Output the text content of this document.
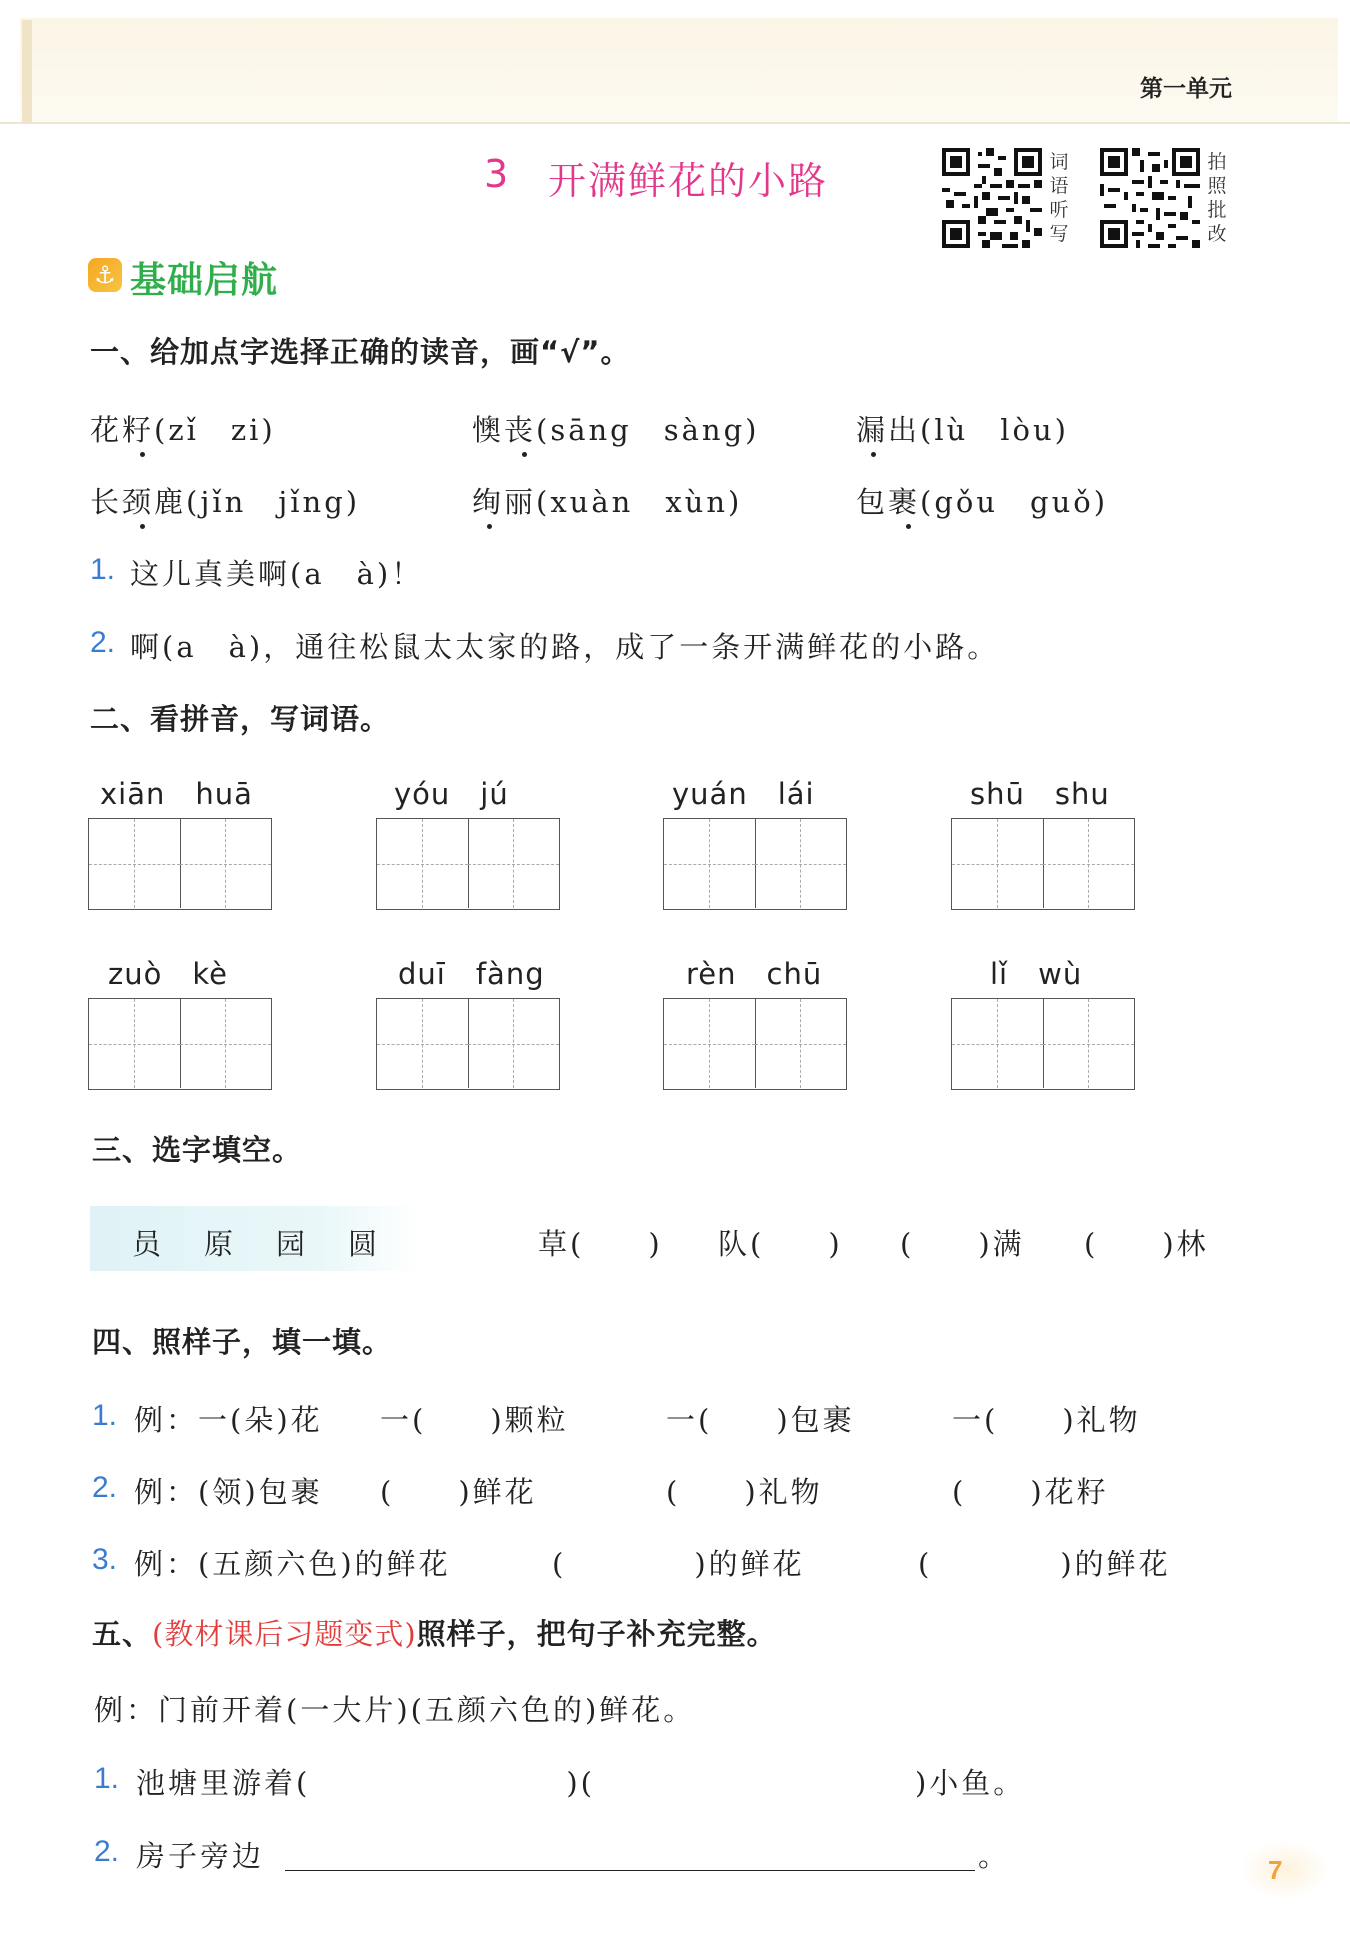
第一单元
3 开满鲜花的小路	词语听写
拍照批改
⚓ 基础启航
一、给加点字选择正确的读音，画“√”。
花籽(zǐ　zi)	懊丧(sāng　sàng)	漏出(lù　lòu)
长颈鹿(jǐn　jǐng)	绚丽(xuàn　xùn)	包裹(gǒu　guǒ)
1. 这儿真美啊(a　à)！
2. 啊(a　à)，通往松鼠太太家的路，成了一条开满鲜花的小路。
二、看拼音，写词语。
xiān　huā	yóu　jú	yuán　lái	shū　shu
zuò　kè	duī　fàng	rèn　chū	lǐ　wù
三、选字填空。
员 原 园 圆	草(　　) 队(　　) (　　)满 (　　)林
四、照样子，填一填。
1. 例：一(朵)花 一(　　)颗粒	一(　　)包裹	一(　　)礼物
2. 例：(领)包裹 (　　)鲜花	(　　)礼物	(　　)花籽
3. 例：(五颜六色)的鲜花	(　　　　)的鲜花	(　　　　)的鲜花
五、(教材课后习题变式)照样子，把句子补充完整。
例：门前开着(一大片)(五颜六色的)鲜花。
1. 池塘里游着(　　　　　　　　)(　　　　　　　　　　)小鱼。
2. 房子旁边	。	7
